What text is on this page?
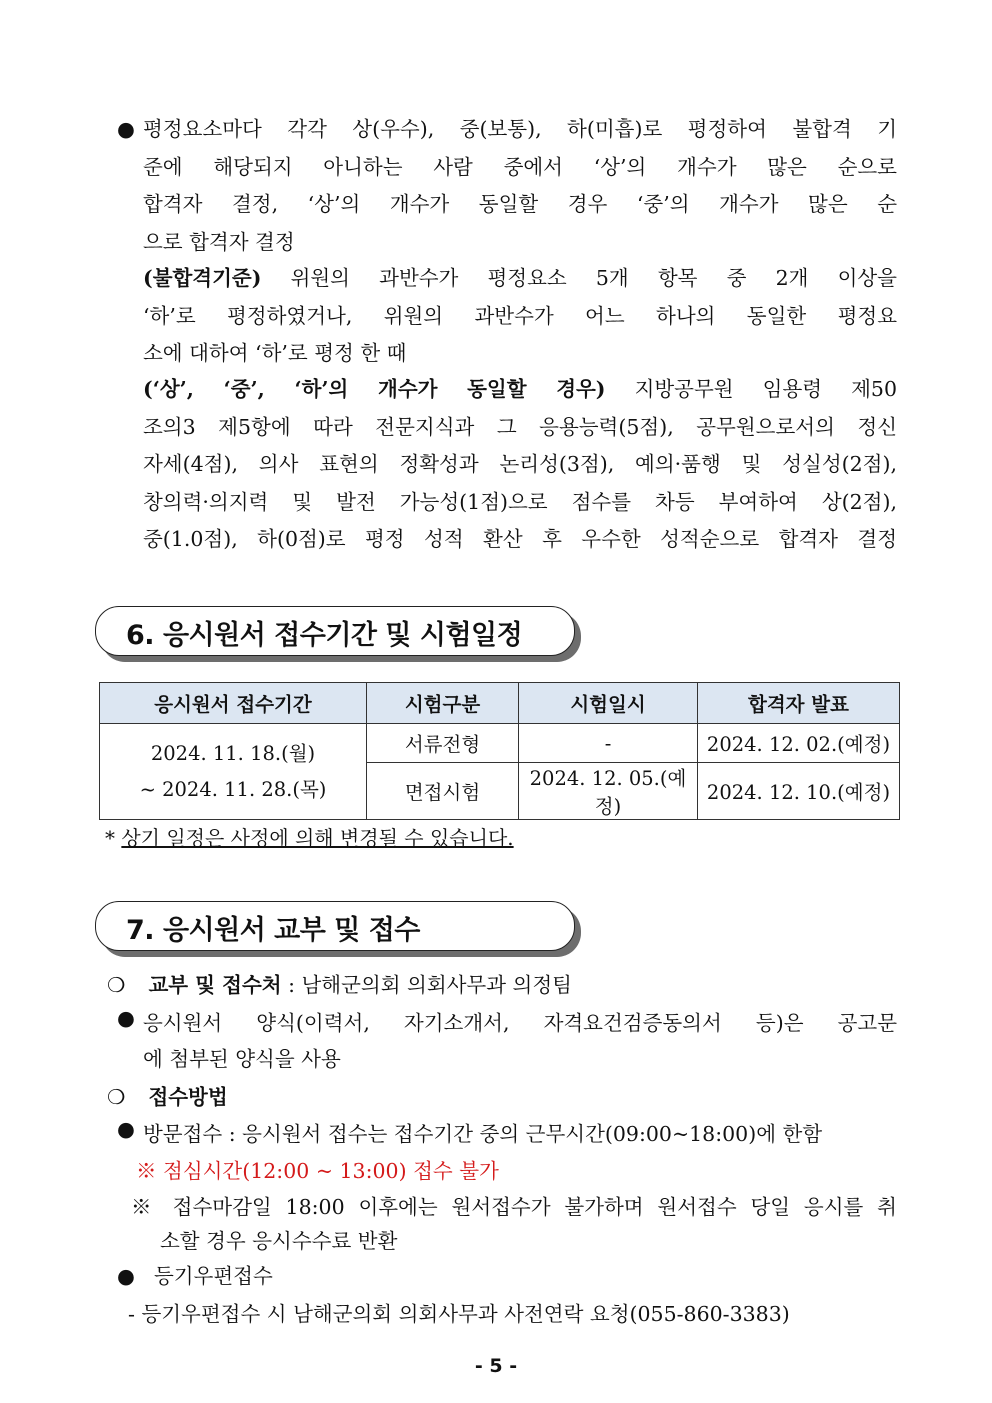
● 평정요소마다 각각 상(우수), 중(보통), 하(미흡)로 평정하여 불합격 기
준에 해당되지 아니하는 사람 중에서 ‘상’의 개수가 많은 순으로
합격자 결정, ‘상’의 개수가 동일할 경우 ‘중’의 개수가 많은 순
으로 합격자 결정
(불합격기준) 위원의 과반수가 평정요소 5개 항목 중 2개 이상을
‘하’로 평정하였거나, 위원의 과반수가 어느 하나의 동일한 평정요
소에 대하여 ‘하’로 평정 한 때
(‘상’, ‘중’, ‘하’의 개수가 동일할 경우) 지방공무원 임용령 제50
조의3 제5항에 따라 전문지식과 그 응용능력(5점), 공무원으로서의 정신
자세(4점), 의사 표현의 정확성과 논리성(3점), 예의·품행 및 성실성(2점),
창의력·의지력 및 발전 가능성(1점)으로 점수를 차등 부여하여 상(2점),
중(1.0점), 하(0점)로 평정 성적 환산 후 우수한 성적순으로 합격자 결정
6. 응시원서 접수기간 및 시험일정
응시원서 접수기간	시험구분	시험일시	합격자 발표

2024. 11. 18.(월)
~ 2024. 11. 28.(목)	서류전형	-	2024. 12. 02.(예정)
	면접시험	2024. 12. 05.(예정)	2024. 12. 10.(예정)
* 상기 일정은 사정에 의해 변경될 수 있습니다.
7. 응시원서 교부 및 접수
❍ 교부 및 접수처 : 남해군의회 의회사무과 의정팀
● 응시원서 양식(이력서, 자기소개서, 자격요건검증동의서 등)은 공고문
에 첨부된 양식을 사용
❍ 접수방법
● 방문접수 : 응시원서 접수는 접수기간 중의 근무시간(09:00~18:00)에 한함
※ 점심시간(12:00 ~ 13:00) 접수 불가
※ 접수마감일 18:00 이후에는 원서접수가 불가하며 원서접수 당일 응시를 취
소할 경우 응시수수료 반환
● 등기우편접수
- 등기우편접수 시 남해군의회 의회사무과 사전연락 요청(055-860-3383)
- 5 -
